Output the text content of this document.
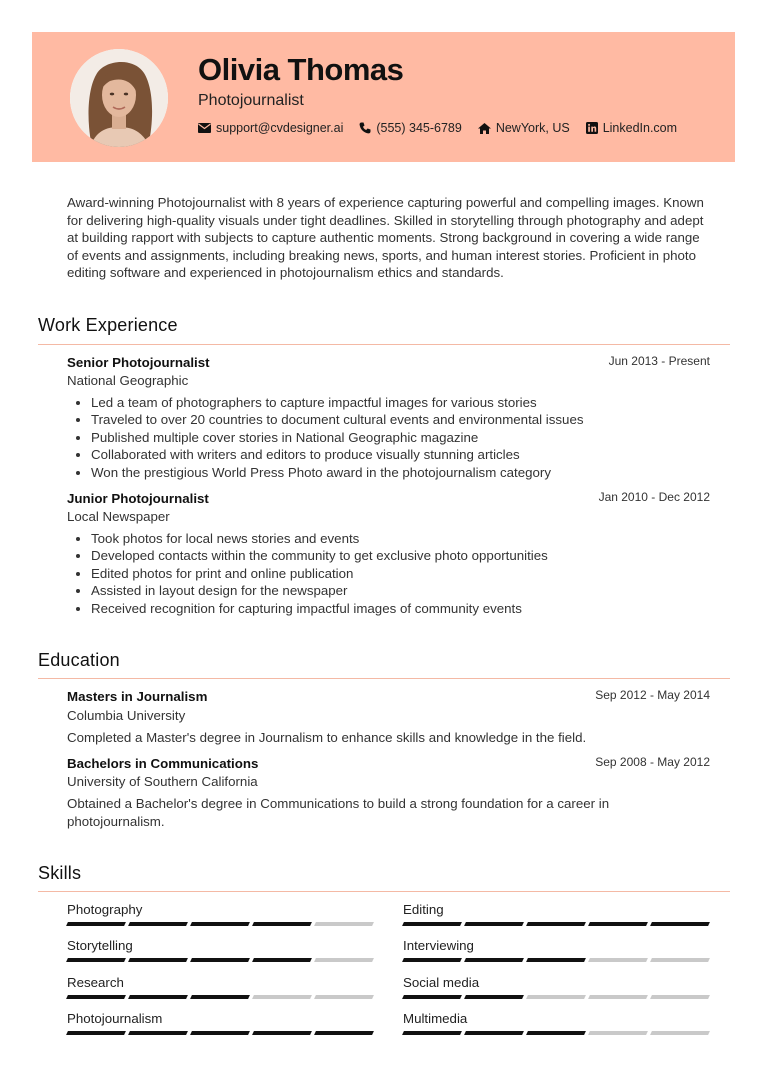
Olivia Thomas
Photojournalist
support@cvdesigner.ai	(555) 345-6789	NewYork, US	LinkedIn.com

Award-winning Photojournalist with 8 years of experience capturing powerful and compelling images. Known for delivering high-quality visuals under tight deadlines. Skilled in storytelling through photography and adept at building rapport with subjects to capture authentic moments. Strong background in covering a wide range of events and assignments, including breaking news, sports, and human interest stories. Proficient in photo editing software and experienced in photojournalism ethics and standards.

Work Experience
Senior Photojournalist	Jun 2013 - Present
National Geographic
• Led a team of photographers to capture impactful images for various stories
• Traveled to over 20 countries to document cultural events and environmental issues
• Published multiple cover stories in National Geographic magazine
• Collaborated with writers and editors to produce visually stunning articles
• Won the prestigious World Press Photo award in the photojournalism category
Junior Photojournalist	Jan 2010 - Dec 2012
Local Newspaper
• Took photos for local news stories and events
• Developed contacts within the community to get exclusive photo opportunities
• Edited photos for print and online publication
• Assisted in layout design for the newspaper
• Received recognition for capturing impactful images of community events
Education
Masters in Journalism	Sep 2012 - May 2014
Columbia University

Completed a Master's degree in Journalism to enhance skills and knowledge in the field.

Bachelors in Communications	Sep 2008 - May 2012
University of Southern California

Obtained a Bachelor's degree in Communications to build a strong foundation for a career in photojournalism.

Skills
Photography	Editing
Storytelling	Interviewing
Research	Social media
Photojournalism	Multimedia
